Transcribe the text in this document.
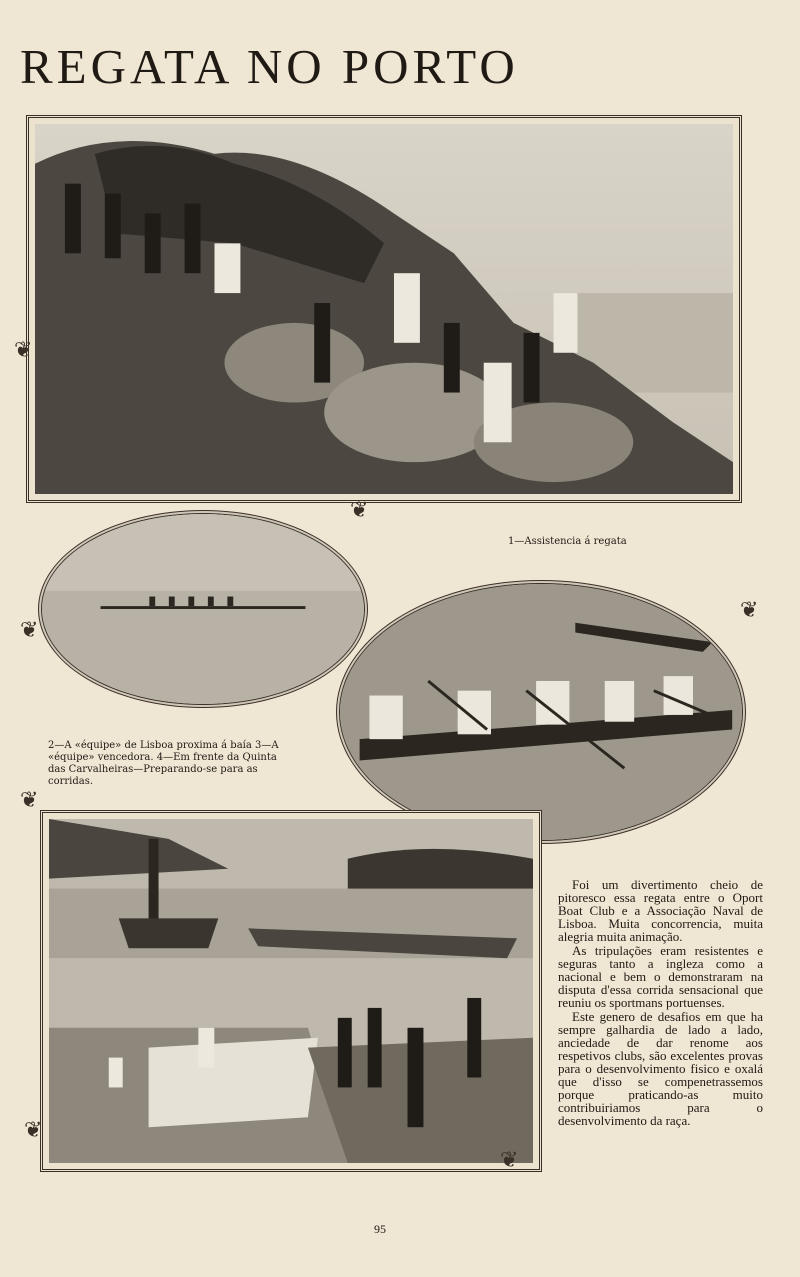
REGATA NO PORTO
1—Assistencia á regata
2—A «équipe» de Lisboa proxima á baía 3—A «équipe» vencedora. 4—Em frente da Quinta das Carvalheiras—Preparando-se para as corridas.
❦
❦
❦
❦
❦
❦
❦

Foi um divertimento cheio de pitoresco essa regata entre o Oport Boat Club e a Associação Naval de Lisboa. Muita concorrencia, muita alegria muita animação.

As tripulações eram resistentes e seguras tanto a ingleza como a nacional e bem o demonstraram na disputa d'essa corrida sensacional que reuniu os sportmans portuenses.

Este genero de desafios em que ha sempre galhardia de lado a lado, anciedade de dar renome aos respetivos clubs, são excelentes provas para o desenvolvimento fisico e oxalá que d'isso se compenetrassemos porque praticando-as muito contribuiriamos para o desenvolvimento da raça.

95
